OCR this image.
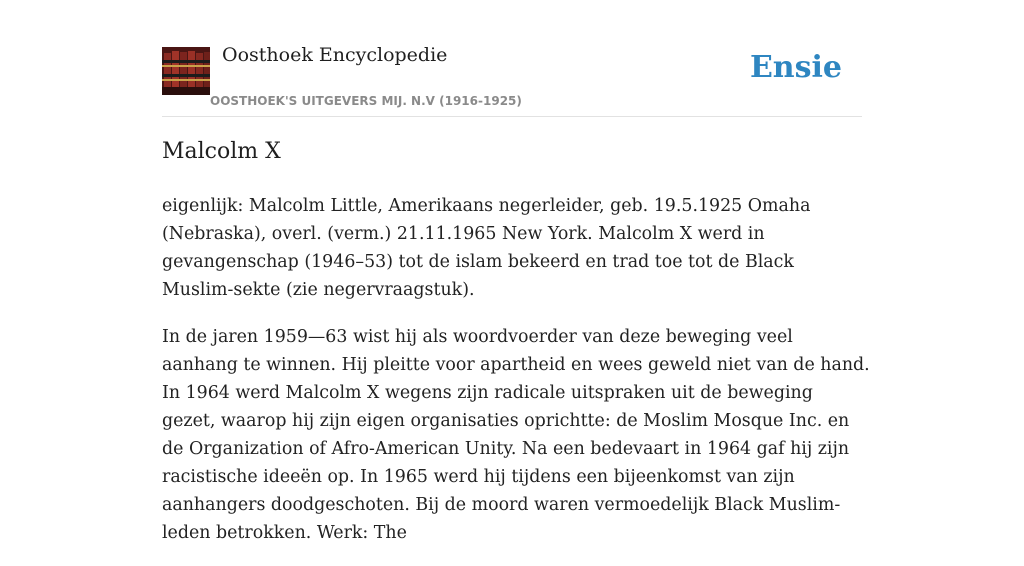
Oosthoek Encyclopedie
OOSTHOEK'S UITGEVERS MIJ. N.V (1916-1925)
Ensie
Malcolm X

eigenlijk: Malcolm Little, Amerikaans negerleider, geb. 19.5.1925 Omaha (Nebraska), overl. (verm.) 21.11.1965 New York. Malcolm X werd in gevangenschap (1946–53) tot de islam bekeerd en trad toe tot de Black Muslim-sekte (zie negervraagstuk).

In de jaren 1959—63 wist hij als woordvoerder van deze beweging veel aanhang te winnen. Hij pleitte voor apartheid en wees geweld niet van de hand. In 1964 werd Malcolm X wegens zijn radicale uitspraken uit de beweging gezet, waarop hij zijn eigen organisaties oprichtte: de Moslim Mosque Inc. en de Organization of Afro-American Unity. Na een bedevaart in 1964 gaf hij zijn racistische ideeën op. In 1965 werd hij tijdens een bijeenkomst van zijn aanhangers doodgeschoten. Bij de moord waren vermoedelijk Black Muslim-leden betrokken. Werk: The
